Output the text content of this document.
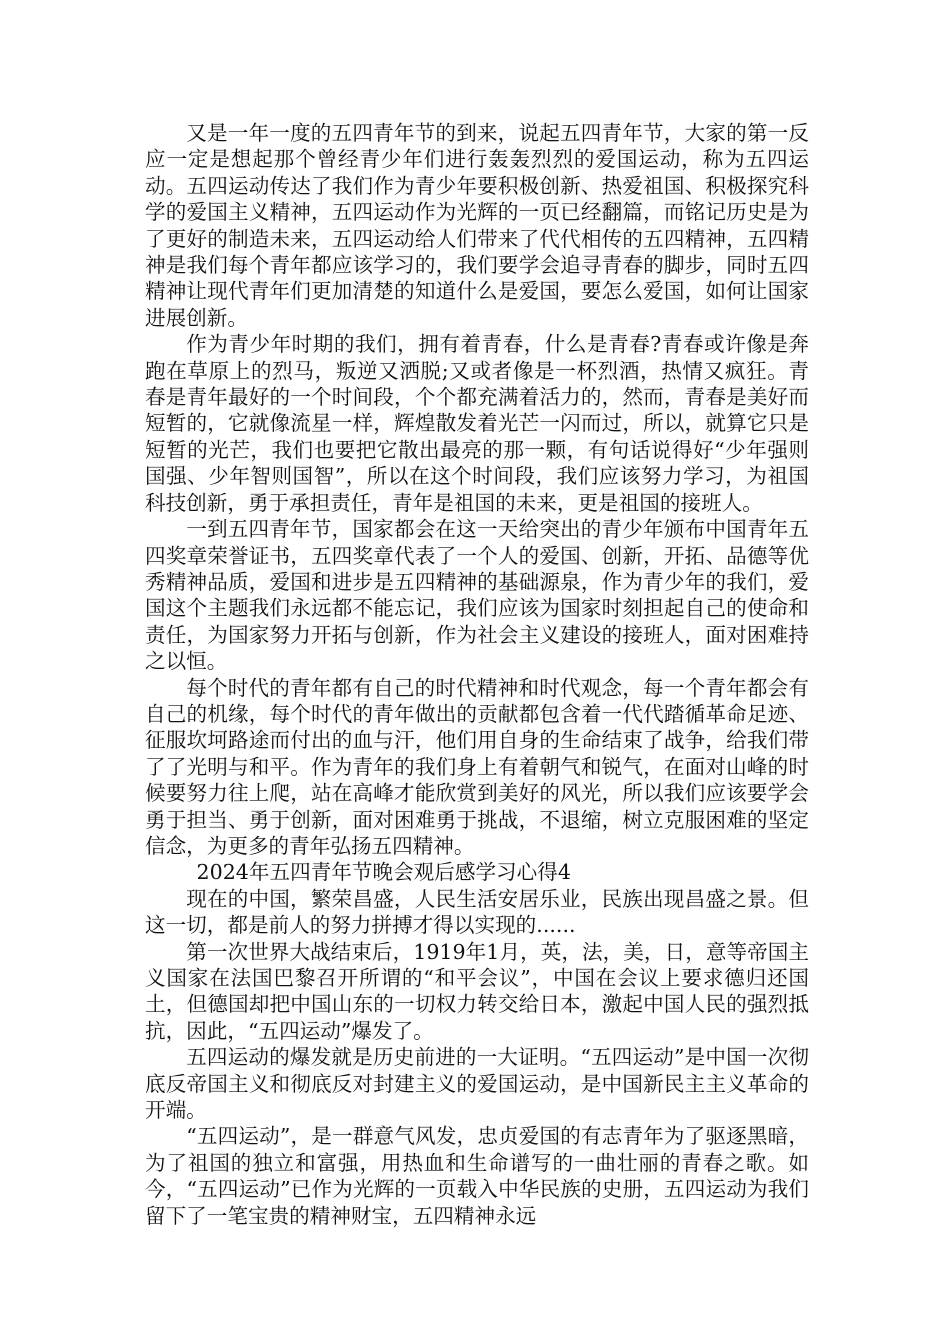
又是一年一度的五四青年节的到来，说起五四青年节，大家的第一反应一定是想起那个曾经青少年们进行轰轰烈烈的爱国运动，称为五四运动。五四运动传达了我们作为青少年要积极创新、热爱祖国、积极探究科学的爱国主义精神，五四运动作为光辉的一页已经翻篇，而铭记历史是为了更好的制造未来，五四运动给人们带来了代代相传的五四精神，五四精神是我们每个青年都应该学习的，我们要学会追寻青春的脚步，同时五四精神让现代青年们更加清楚的知道什么是爱国，要怎么爱国，如何让国家进展创新。

作为青少年时期的我们，拥有着青春，什么是青春?青春或许像是奔跑在草原上的烈马，叛逆又洒脱;又或者像是一杯烈酒，热情又疯狂。青春是青年最好的一个时间段，个个都充满着活力的，然而，青春是美好而短暂的，它就像流星一样，辉煌散发着光芒一闪而过，所以，就算它只是短暂的光芒，我们也要把它散出最亮的那一颗，有句话说得好“少年强则国强、少年智则国智”，所以在这个时间段，我们应该努力学习，为祖国科技创新，勇于承担责任，青年是祖国的未来，更是祖国的接班人。

一到五四青年节，国家都会在这一天给突出的青少年颁布中国青年五四奖章荣誉证书，五四奖章代表了一个人的爱国、创新，开拓、品德等优秀精神品质，爱国和进步是五四精神的基础源泉，作为青少年的我们，爱国这个主题我们永远都不能忘记，我们应该为国家时刻担起自己的使命和责任，为国家努力开拓与创新，作为社会主义建设的接班人，面对困难持之以恒。

每个时代的青年都有自己的时代精神和时代观念，每一个青年都会有自己的机缘，每个时代的青年做出的贡献都包含着一代代踏循革命足迹、征服坎坷路途而付出的血与汗，他们用自身的生命结束了战争，给我们带了了光明与和平。作为青年的我们身上有着朝气和锐气，在面对山峰的时候要努力往上爬，站在高峰才能欣赏到美好的风光，所以我们应该要学会勇于担当、勇于创新，面对困难勇于挑战，不退缩，树立克服困难的坚定信念，为更多的青年弘扬五四精神。

2024年五四青年节晚会观后感学习心得4

现在的中国，繁荣昌盛，人民生活安居乐业，民族出现昌盛之景。但这一切，都是前人的努力拼搏才得以实现的......

第一次世界大战结束后，1919年1月，英，法，美，日，意等帝国主义国家在法国巴黎召开所谓的“和平会议”，中国在会议上要求德归还国土，但德国却把中国山东的一切权力转交给日本，激起中国人民的强烈抵抗，因此，“五四运动”爆发了。

五四运动的爆发就是历史前进的一大证明。“五四运动”是中国一次彻底反帝国主义和彻底反对封建主义的爱国运动，是中国新民主主义革命的开端。

“五四运动”，是一群意气风发，忠贞爱国的有志青年为了驱逐黑暗，为了祖国的独立和富强，用热血和生命谱写的一曲壮丽的青春之歌。如今，“五四运动”已作为光辉的一页载入中华民族的史册，五四运动为我们留下了一笔宝贵的精神财宝，五四精神永远
